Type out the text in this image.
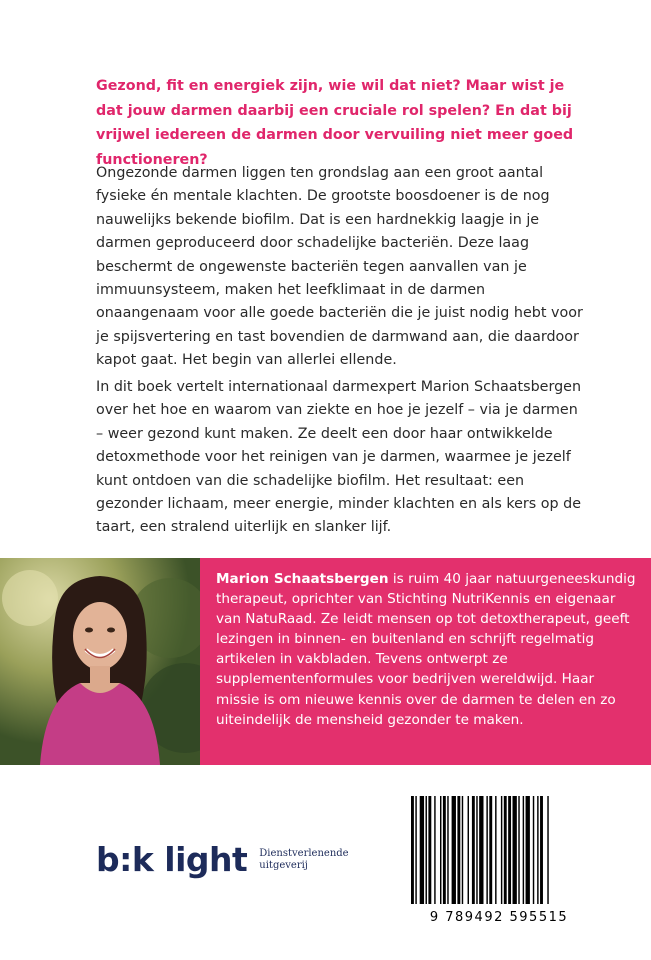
Gezond, fit en energiek zijn, wie wil dat niet? Maar wist je dat jouw darmen daarbij een cruciale rol spelen? En dat bij vrijwel iedereen de darmen door vervuiling niet meer goed functioneren?

Ongezonde darmen liggen ten grondslag aan een groot aantal fysieke én mentale klachten. De grootste boosdoener is de nog nauwelijks bekende biofilm. Dat is een hardnekkig laagje in je darmen geproduceerd door schadelijke bacteriën. Deze laag beschermt de ongewenste bacteriën tegen aanvallen van je immuunsysteem, maken het leefklimaat in de darmen onaangenaam voor alle goede bacteriën die je juist nodig hebt voor je spijsvertering en tast bovendien de darmwand aan, die daardoor kapot gaat. Het begin van allerlei ellende.

In dit boek vertelt internationaal darmexpert Marion Schaatsbergen over het hoe en waarom van ziekte en hoe je jezelf – via je darmen – weer gezond kunt maken. Ze deelt een door haar ontwikkelde detoxmethode voor het reinigen van je darmen, waarmee je jezelf kunt ontdoen van die schadelijke biofilm. Het resultaat: een gezonder lichaam, meer energie, minder klachten en als kers op de taart, een stralend uiterlijk en slanker lijf.

Marion Schaatsbergen is ruim 40 jaar natuurgeneeskundig therapeut, oprichter van Stichting NutriKennis en eigenaar van NatuRaad. Ze leidt mensen op tot detoxtherapeut, geeft lezingen in binnen- en buitenland en schrijft regelmatig artikelen in vakbladen. Tevens ontwerpt ze supplementenformules voor bedrijven wereldwijd. Haar missie is om nieuwe kennis over de darmen te delen en zo uiteindelijk de mensheid gezonder te maken.

b:k light Dienstverlenende
uitgeverij
9 789492 595515
